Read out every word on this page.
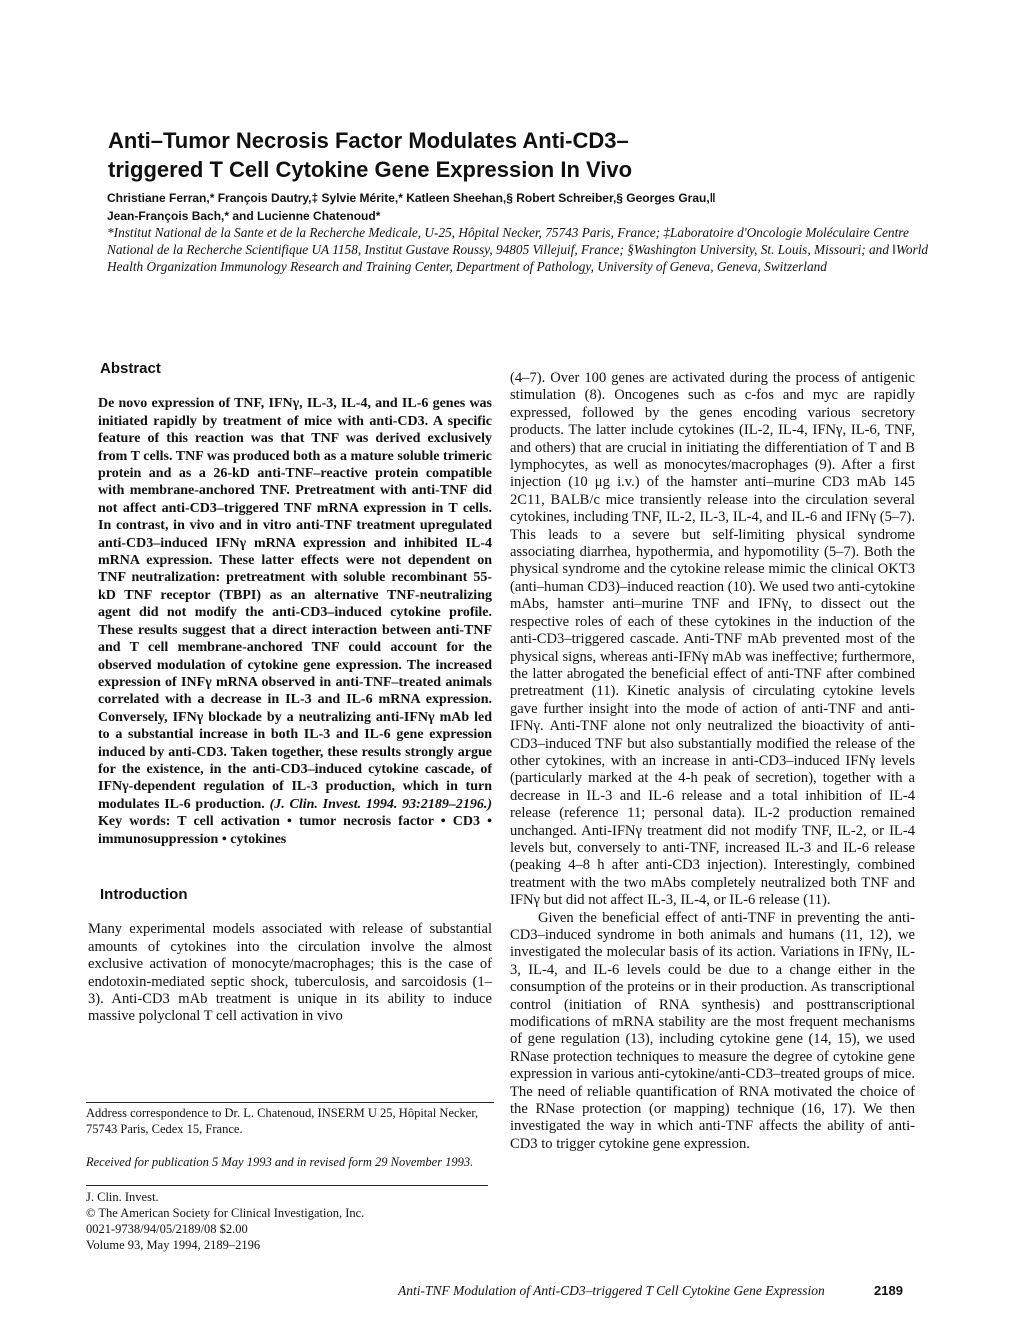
Anti–Tumor Necrosis Factor Modulates Anti-CD3–
triggered T Cell Cytokine Gene Expression In Vivo
Christiane Ferran,* François Dautry,‡ Sylvie Mérite,* Katleen Sheehan,§ Robert Schreiber,§ Georges Grau,‖
Jean-François Bach,* and Lucienne Chatenoud*
*Institut National de la Sante et de la Recherche Medicale, U-25, Hôpital Necker, 75743 Paris, France; ‡Laboratoire d'Oncologie Moléculaire Centre National de la Recherche Scientifique UA 1158, Institut Gustave Roussy, 94805 Villejuif, France; §Washington University, St. Louis, Missouri; and ‖World Health Organization Immunology Research and Training Center, Department of Pathology, University of Geneva, Geneva, Switzerland
Abstract
De novo expression of TNF, IFNγ, IL-3, IL-4, and IL-6 genes was initiated rapidly by treatment of mice with anti-CD3. A specific feature of this reaction was that TNF was derived exclusively from T cells. TNF was produced both as a mature soluble trimeric protein and as a 26-kD anti-TNF–reactive protein compatible with membrane-anchored TNF. Pretreatment with anti-TNF did not affect anti-CD3–triggered TNF mRNA expression in T cells. In contrast, in vivo and in vitro anti-TNF treatment upregulated anti-CD3–induced IFNγ mRNA expression and inhibited IL-4 mRNA expression. These latter effects were not dependent on TNF neutralization: pretreatment with soluble recombinant 55-kD TNF receptor (TBPI) as an alternative TNF-neutralizing agent did not modify the anti-CD3–induced cytokine profile. These results suggest that a direct interaction between anti-TNF and T cell membrane-anchored TNF could account for the observed modulation of cytokine gene expression. The increased expression of INFγ mRNA observed in anti-TNF–treated animals correlated with a decrease in IL-3 and IL-6 mRNA expression. Conversely, IFNγ blockade by a neutralizing anti-IFNγ mAb led to a substantial increase in both IL-3 and IL-6 gene expression induced by anti-CD3. Taken together, these results strongly argue for the existence, in the anti-CD3–induced cytokine cascade, of IFNγ-dependent regulation of IL-3 production, which in turn modulates IL-6 production. (J. Clin. Invest. 1994. 93:2189–2196.) Key words: T cell activation • tumor necrosis factor • CD3 • immunosuppression • cytokines
Introduction
Many experimental models associated with release of substantial amounts of cytokines into the circulation involve the almost exclusive activation of monocyte/macrophages; this is the case of endotoxin-mediated septic shock, tuberculosis, and sarcoidosis (1–3). Anti-CD3 mAb treatment is unique in its ability to induce massive polyclonal T cell activation in vivo
Address correspondence to Dr. L. Chatenoud, INSERM U 25, Hôpital Necker, 75743 Paris, Cedex 15, France.
Received for publication 5 May 1993 and in revised form 29 November 1993.
J. Clin. Invest.
© The American Society for Clinical Investigation, Inc.
0021-9738/94/05/2189/08 $2.00
Volume 93, May 1994, 2189–2196

(4–7). Over 100 genes are activated during the process of antigenic stimulation (8). Oncogenes such as c-fos and myc are rapidly expressed, followed by the genes encoding various secretory products. The latter include cytokines (IL-2, IL-4, IFNγ, IL-6, TNF, and others) that are crucial in initiating the differentiation of T and B lymphocytes, as well as monocytes/macrophages (9). After a first injection (10 μg i.v.) of the hamster anti–murine CD3 mAb 145 2C11, BALB/c mice transiently release into the circulation several cytokines, including TNF, IL-2, IL-3, IL-4, and IL-6 and IFNγ (5–7). This leads to a severe but self-limiting physical syndrome associating diarrhea, hypothermia, and hypomotility (5–7). Both the physical syndrome and the cytokine release mimic the clinical OKT3 (anti–human CD3)–induced reaction (10). We used two anti-cytokine mAbs, hamster anti–murine TNF and IFNγ, to dissect out the respective roles of each of these cytokines in the induction of the anti-CD3–triggered cascade. Anti-TNF mAb prevented most of the physical signs, whereas anti-IFNγ mAb was ineffective; furthermore, the latter abrogated the beneficial effect of anti-TNF after combined pretreatment (11). Kinetic analysis of circulating cytokine levels gave further insight into the mode of action of anti-TNF and anti-IFNγ. Anti-TNF alone not only neutralized the bioactivity of anti-CD3–induced TNF but also substantially modified the release of the other cytokines, with an increase in anti-CD3–induced IFNγ levels (particularly marked at the 4-h peak of secretion), together with a decrease in IL-3 and IL-6 release and a total inhibition of IL-4 release (reference 11; personal data). IL-2 production remained unchanged. Anti-IFNγ treatment did not modify TNF, IL-2, or IL-4 levels but, conversely to anti-TNF, increased IL-3 and IL-6 release (peaking 4–8 h after anti-CD3 injection). Interestingly, combined treatment with the two mAbs completely neutralized both TNF and IFNγ but did not affect IL-3, IL-4, or IL-6 release (11).

Given the beneficial effect of anti-TNF in preventing the anti-CD3–induced syndrome in both animals and humans (11, 12), we investigated the molecular basis of its action. Variations in IFNγ, IL-3, IL-4, and IL-6 levels could be due to a change either in the consumption of the proteins or in their production. As transcriptional control (initiation of RNA synthesis) and posttranscriptional modifications of mRNA stability are the most frequent mechanisms of gene regulation (13), including cytokine gene (14, 15), we used RNase protection techniques to measure the degree of cytokine gene expression in various anti-cytokine/anti-CD3–treated groups of mice. The need of reliable quantification of RNA motivated the choice of the RNase protection (or mapping) technique (16, 17). We then investigated the way in which anti-TNF affects the ability of anti-CD3 to trigger cytokine gene expression.

Anti-TNF Modulation of Anti-CD3–triggered T Cell Cytokine Gene Expression	2189
